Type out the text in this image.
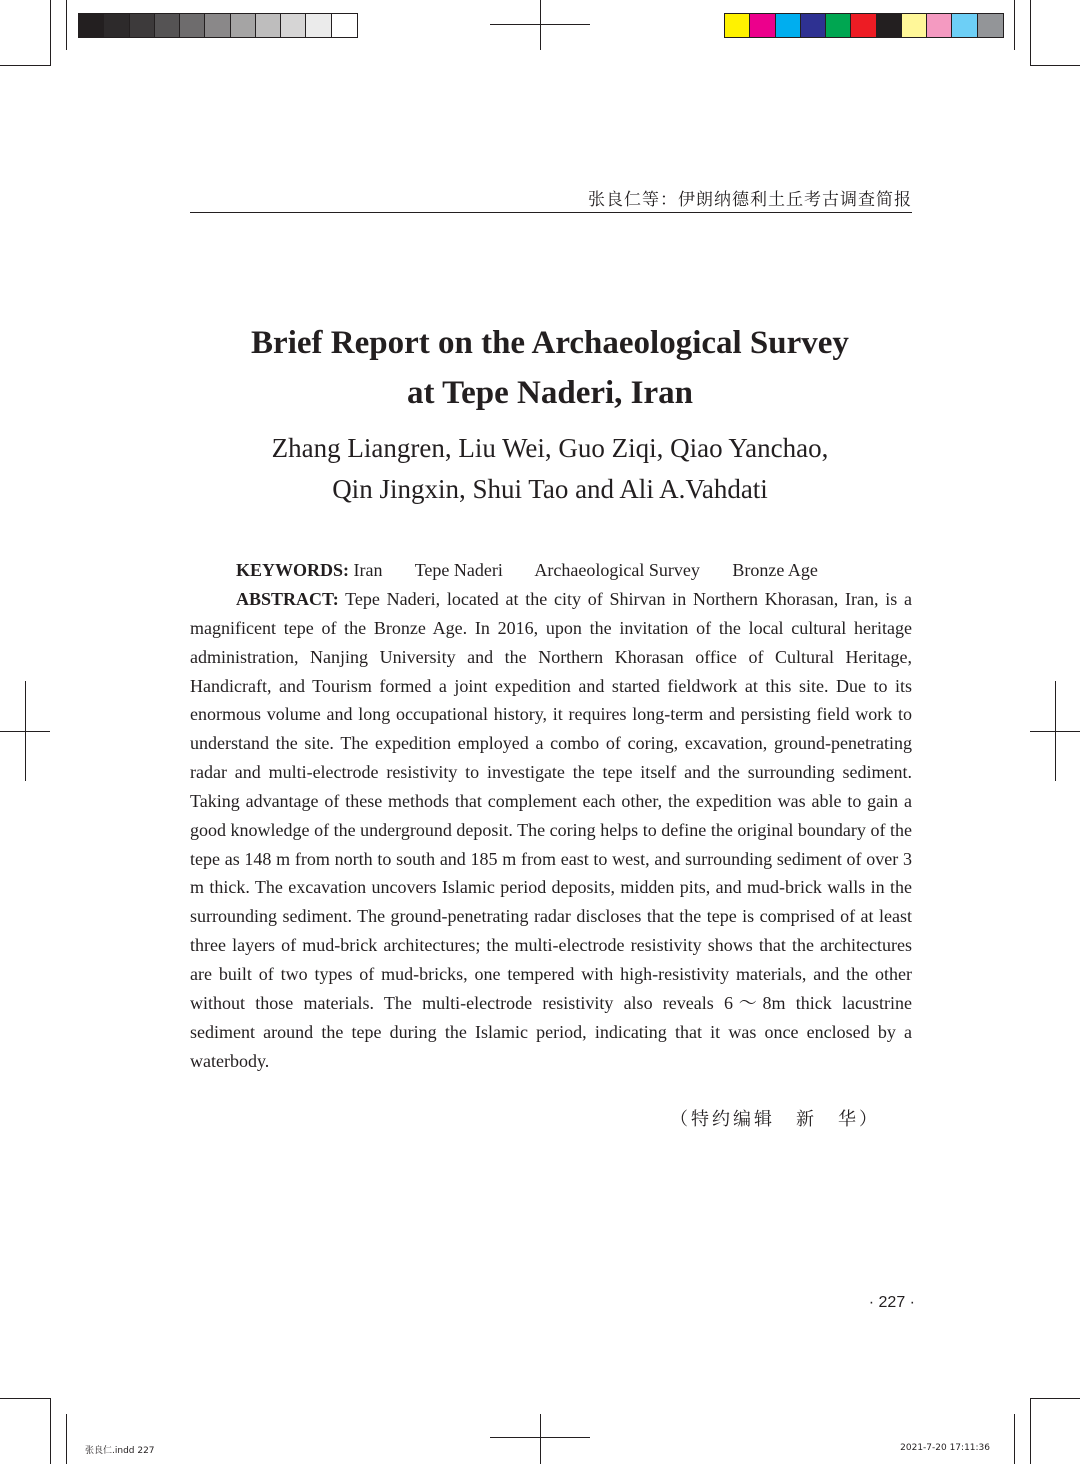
张良仁等：伊朗纳德利土丘考古调查简报
Brief Report on the Archaeological Survey
at Tepe Naderi, Iran
Zhang Liangren, Liu Wei, Guo Ziqi, Qiao Yanchao,
Qin Jingxin, Shui Tao and Ali A.Vahdati
KEYWORDS: Iran Tepe Naderi Archaeological Survey Bronze Age
ABSTRACT: Tepe Naderi, located at the city of Shirvan in Northern Khorasan, Iran, is a magnificent tepe of the Bronze Age. In 2016, upon the invitation of the local cultural heritage administration, Nanjing University and the Northern Khorasan office of Cultural Heritage, Handicraft, and Tourism formed a joint expedition and started fieldwork at this site. Due to its enormous volume and long occupational history, it requires long-term and persisting field work to understand the site. The expedition employed a combo of coring, excavation, ground-penetrating radar and multi-electrode resistivity to investigate the tepe itself and the surrounding sediment. Taking advantage of these methods that complement each other, the expedition was able to gain a good knowledge of the underground deposit. The coring helps to define the original boundary of the tepe as 148 m from north to south and 185 m from east to west, and surrounding sediment of over 3 m thick. The excavation uncovers Islamic period deposits, midden pits, and mud-brick walls in the surrounding sediment. The ground-penetrating radar discloses that the tepe is comprised of at least three layers of mud-brick architectures; the multi-electrode resistivity shows that the architectures are built of two types of mud-bricks, one tempered with high-resistivity materials, and the other without those materials. The multi-electrode resistivity also reveals 6～8m thick lacustrine sediment around the tepe during the Islamic period, indicating that it was once enclosed by a waterbody.
（特约编辑　新　华）
· 227 ·
张良仁.indd 227	2021-7-20 17:11:36
